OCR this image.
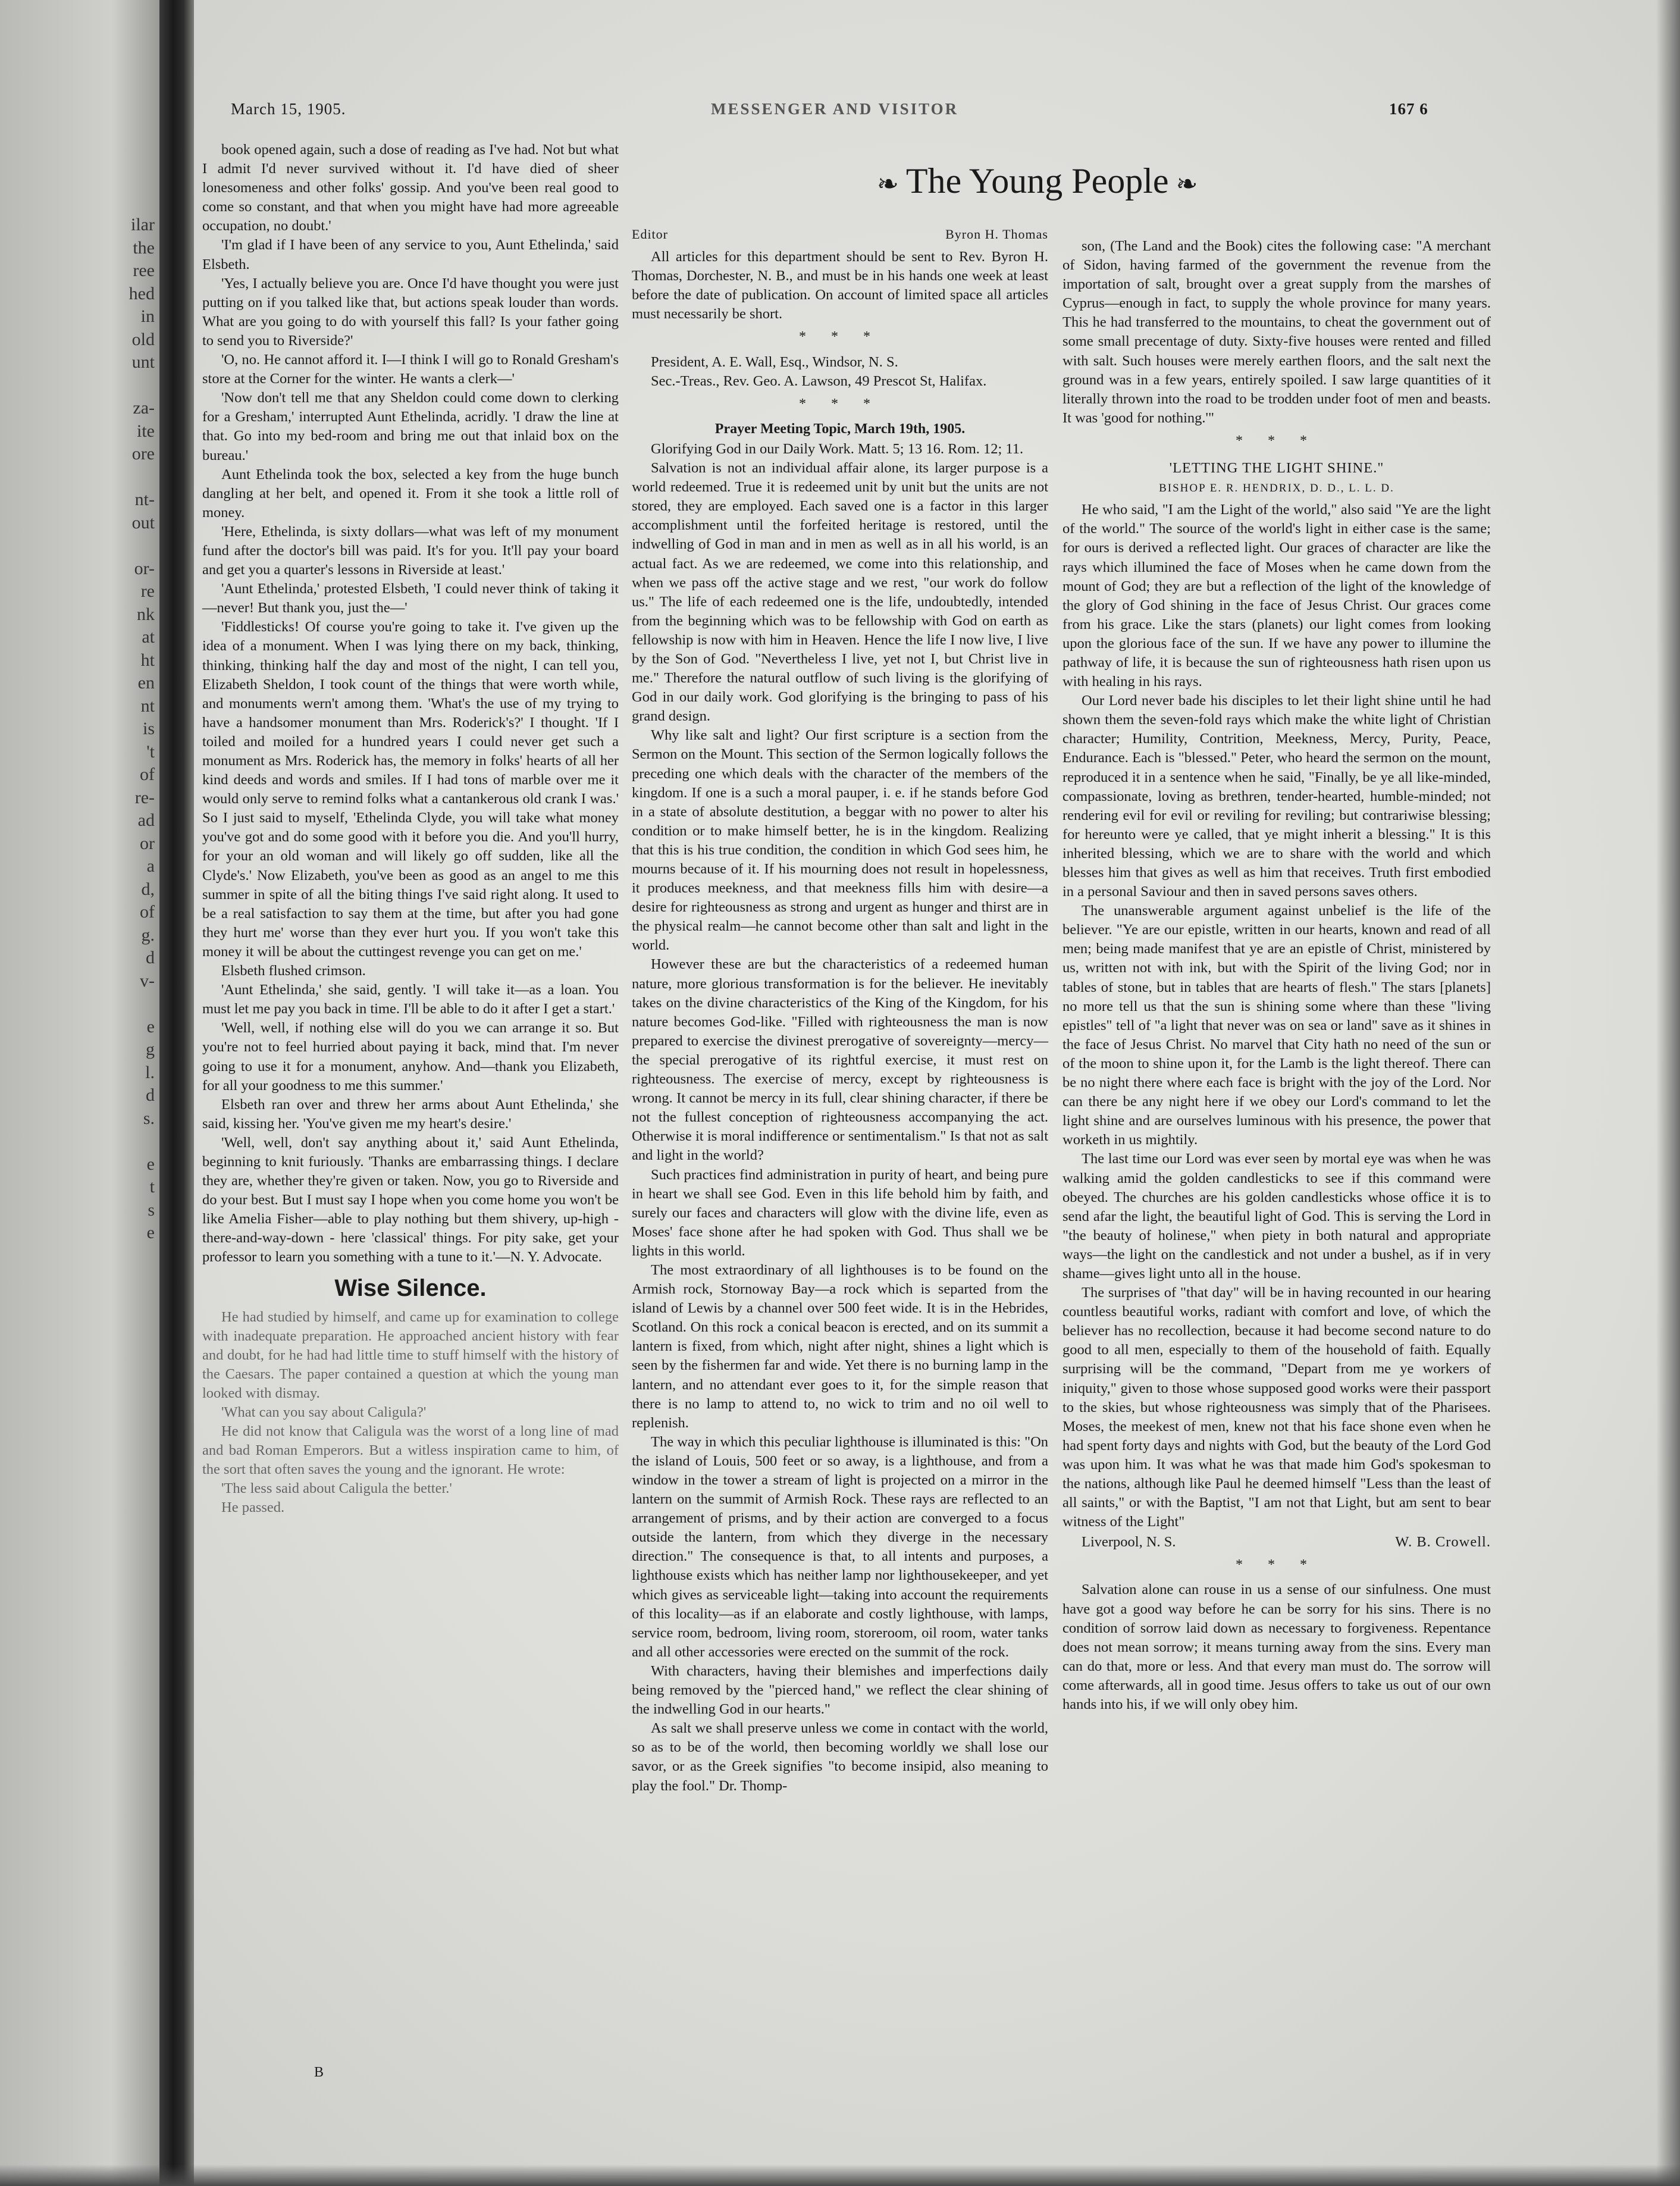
ilar
the
ree
hed
in
old
unt
za-
ite
ore
nt-
out
or-
re
nk
at
ht
en
nt
is
't
of
re-
ad
or
a
d,
of
g.
d
v-
e
g
l.
d
s.
e
t
s
e
March 15, 1905.	MESSENGER AND VISITOR	167 6
❧ The Young People ❧

book opened again, such a dose of reading as I've had. Not but what I admit I'd never survived without it. I'd have died of sheer lonesomeness and other folks' gossip. And you've been real good to come so constant, and that when you might have had more agreeable occupation, no doubt.'

'I'm glad if I have been of any service to you, Aunt Ethelinda,' said Elsbeth.

'Yes, I actually believe you are. Once I'd have thought you were just putting on if you talked like that, but actions speak louder than words. What are you going to do with yourself this fall? Is your father going to send you to Riverside?'

'O, no. He cannot afford it. I—I think I will go to Ronald Gresham's store at the Corner for the winter. He wants a clerk—'

'Now don't tell me that any Sheldon could come down to clerking for a Gresham,' interrupted Aunt Ethelinda, acridly. 'I draw the line at that. Go into my bed-room and bring me out that inlaid box on the bureau.'

Aunt Ethelinda took the box, selected a key from the huge bunch dangling at her belt, and opened it. From it she took a little roll of money.

'Here, Ethelinda, is sixty dollars—what was left of my monument fund after the doctor's bill was paid. It's for you. It'll pay your board and get you a quarter's lessons in Riverside at least.'

'Aunt Ethelinda,' protested Elsbeth, 'I could never think of taking it—never! But thank you, just the—'

'Fiddlesticks! Of course you're going to take it. I've given up the idea of a monument. When I was lying there on my back, thinking, thinking, thinking half the day and most of the night, I can tell you, Elizabeth Sheldon, I took count of the things that were worth while, and monuments wern't among them. 'What's the use of my trying to have a handsomer monument than Mrs. Roderick's?' I thought. 'If I toiled and moiled for a hundred years I could never get such a monument as Mrs. Roderick has, the memory in folks' hearts of all her kind deeds and words and smiles. If I had tons of marble over me it would only serve to remind folks what a cantankerous old crank I was.' So I just said to myself, 'Ethelinda Clyde, you will take what money you've got and do some good with it before you die. And you'll hurry, for your an old woman and will likely go off sudden, like all the Clyde's.' Now Elizabeth, you've been as good as an angel to me this summer in spite of all the biting things I've said right along. It used to be a real satisfaction to say them at the time, but after you had gone they hurt me' worse than they ever hurt you. If you won't take this money it will be about the cuttingest revenge you can get on me.'

Elsbeth flushed crimson.

'Aunt Ethelinda,' she said, gently. 'I will take it—as a loan. You must let me pay you back in time. I'll be able to do it after I get a start.'

'Well, well, if nothing else will do you we can arrange it so. But you're not to feel hurried about paying it back, mind that. I'm never going to use it for a monument, anyhow. And—thank you Elizabeth, for all your goodness to me this summer.'

Elsbeth ran over and threw her arms about Aunt Ethelinda,' she said, kissing her. 'You've given me my heart's desire.'

'Well, well, don't say anything about it,' said Aunt Ethelinda, beginning to knit furiously. 'Thanks are embarrassing things. I declare they are, whether they're given or taken. Now, you go to Riverside and do your best. But I must say I hope when you come home you won't be like Amelia Fisher—able to play nothing but them shivery, up-high - there-and-way-down - here 'classical' things. For pity sake, get your professor to learn you something with a tune to it.'—N. Y. Advocate.

Wise Silence.

He had studied by himself, and came up for examination to college with inadequate preparation. He approached ancient history with fear and doubt, for he had had little time to stuff himself with the history of the Caesars. The paper contained a question at which the young man looked with dismay.

'What can you say about Caligula?'

He did not know that Caligula was the worst of a long line of mad and bad Roman Emperors. But a witless inspiration came to him, of the sort that often saves the young and the ignorant. He wrote:

'The less said about Caligula the better.'

He passed.

Editor	Byron H. Thomas

All articles for this department should be sent to Rev. Byron H. Thomas, Dorchester, N. B., and must be in his hands one week at least before the date of publication. On account of limited space all articles must necessarily be short.

* * *

President, A. E. Wall, Esq., Windsor, N. S.

Sec.-Treas., Rev. Geo. A. Lawson, 49 Prescot St, Halifax.

* * *
Prayer Meeting Topic, March 19th, 1905.

Glorifying God in our Daily Work. Matt. 5; 13 16. Rom. 12; 11.

Salvation is not an individual affair alone, its larger purpose is a world redeemed. True it is redeemed unit by unit but the units are not stored, they are employed. Each saved one is a factor in this larger accomplishment until the forfeited heritage is restored, until the indwelling of God in man and in men as well as in all his world, is an actual fact. As we are redeemed, we come into this relationship, and when we pass off the active stage and we rest, "our work do follow us." The life of each redeemed one is the life, undoubtedly, intended from the beginning which was to be fellowship with God on earth as fellowship is now with him in Heaven. Hence the life I now live, I live by the Son of God. "Nevertheless I live, yet not I, but Christ live in me." Therefore the natural outflow of such living is the glorifying of God in our daily work. God glorifying is the bringing to pass of his grand design.

Why like salt and light? Our first scripture is a section from the Sermon on the Mount. This section of the Sermon logically follows the preceding one which deals with the character of the members of the kingdom. If one is a such a moral pauper, i. e. if he stands before God in a state of absolute destitution, a beggar with no power to alter his condition or to make himself better, he is in the kingdom. Realizing that this is his true condition, the condition in which God sees him, he mourns because of it. If his mourning does not result in hopelessness, it produces meekness, and that meekness fills him with desire—a desire for righteousness as strong and urgent as hunger and thirst are in the physical realm—he cannot become other than salt and light in the world.

However these are but the characteristics of a redeemed human nature, more glorious transformation is for the believer. He inevitably takes on the divine characteristics of the King of the Kingdom, for his nature becomes God-like. "Filled with righteousness the man is now prepared to exercise the divinest prerogative of sovereignty—mercy—the special prerogative of its rightful exercise, it must rest on righteousness. The exercise of mercy, except by righteousness is wrong. It cannot be mercy in its full, clear shining character, if there be not the fullest conception of righteousness accompanying the act. Otherwise it is moral indifference or sentimentalism." Is that not as salt and light in the world?

Such practices find administration in purity of heart, and being pure in heart we shall see God. Even in this life behold him by faith, and surely our faces and characters will glow with the divine life, even as Moses' face shone after he had spoken with God. Thus shall we be lights in this world.

The most extraordinary of all lighthouses is to be found on the Armish rock, Stornoway Bay—a rock which is separted from the island of Lewis by a channel over 500 feet wide. It is in the Hebrides, Scotland. On this rock a conical beacon is erected, and on its summit a lantern is fixed, from which, night after night, shines a light which is seen by the fishermen far and wide. Yet there is no burning lamp in the lantern, and no attendant ever goes to it, for the simple reason that there is no lamp to attend to, no wick to trim and no oil well to replenish.

The way in which this peculiar lighthouse is illuminated is this: "On the island of Louis, 500 feet or so away, is a lighthouse, and from a window in the tower a stream of light is projected on a mirror in the lantern on the summit of Armish Rock. These rays are reflected to an arrangement of prisms, and by their action are converged to a focus outside the lantern, from which they diverge in the necessary direction." The consequence is that, to all intents and purposes, a lighthouse exists which has neither lamp nor lighthousekeeper, and yet which gives as serviceable light—taking into account the requirements of this locality—as if an elaborate and costly lighthouse, with lamps, service room, bedroom, living room, storeroom, oil room, water tanks and all other accessories were erected on the summit of the rock.

With characters, having their blemishes and imperfections daily being removed by the "pierced hand," we reflect the clear shining of the indwelling God in our hearts."

As salt we shall preserve unless we come in contact with the world, so as to be of the world, then becoming worldly we shall lose our savor, or as the Greek signifies "to become insipid, also meaning to play the fool." Dr. Thomp-

son, (The Land and the Book) cites the following case: "A merchant of Sidon, having farmed of the government the revenue from the importation of salt, brought over a great supply from the marshes of Cyprus—enough in fact, to supply the whole province for many years. This he had transferred to the mountains, to cheat the government out of some small precentage of duty. Sixty-five houses were rented and filled with salt. Such houses were merely earthen floors, and the salt next the ground was in a few years, entirely spoiled. I saw large quantities of it literally thrown into the road to be trodden under foot of men and beasts. It was 'good for nothing.'"

* * *
'LETTING THE LIGHT SHINE."
BISHOP E. R. HENDRIX, D. D., L. L. D.

He who said, "I am the Light of the world," also said "Ye are the light of the world." The source of the world's light in either case is the same; for ours is derived a reflected light. Our graces of character are like the rays which illumined the face of Moses when he came down from the mount of God; they are but a reflection of the light of the knowledge of the glory of God shining in the face of Jesus Christ. Our graces come from his grace. Like the stars (planets) our light comes from looking upon the glorious face of the sun. If we have any power to illumine the pathway of life, it is because the sun of righteousness hath risen upon us with healing in his rays.

Our Lord never bade his disciples to let their light shine until he had shown them the seven-fold rays which make the white light of Christian character; Humility, Contrition, Meekness, Mercy, Purity, Peace, Endurance. Each is "blessed." Peter, who heard the sermon on the mount, reproduced it in a sentence when he said, "Finally, be ye all like-minded, compassionate, loving as brethren, tender-hearted, humble-minded; not rendering evil for evil or reviling for reviling; but contrariwise blessing; for hereunto were ye called, that ye might inherit a blessing." It is this inherited blessing, which we are to share with the world and which blesses him that gives as well as him that receives. Truth first embodied in a personal Saviour and then in saved persons saves others.

The unanswerable argument against unbelief is the life of the believer. "Ye are our epistle, written in our hearts, known and read of all men; being made manifest that ye are an epistle of Christ, ministered by us, written not with ink, but with the Spirit of the living God; nor in tables of stone, but in tables that are hearts of flesh." The stars [planets] no more tell us that the sun is shining some where than these "living epistles" tell of "a light that never was on sea or land" save as it shines in the face of Jesus Christ. No marvel that City hath no need of the sun or of the moon to shine upon it, for the Lamb is the light thereof. There can be no night there where each face is bright with the joy of the Lord. Nor can there be any night here if we obey our Lord's command to let the light shine and are ourselves luminous with his presence, the power that worketh in us mightily.

The last time our Lord was ever seen by mortal eye was when he was walking amid the golden candlesticks to see if this command were obeyed. The churches are his golden candlesticks whose office it is to send afar the light, the beautiful light of God. This is serving the Lord in "the beauty of holinese," when piety in both natural and appropriate ways—the light on the candlestick and not under a bushel, as if in very shame—gives light unto all in the house.

The surprises of "that day" will be in having recounted in our hearing countless beautiful works, radiant with comfort and love, of which the believer has no recollection, because it had become second nature to do good to all men, especially to them of the household of faith. Equally surprising will be the command, "Depart from me ye workers of iniquity," given to those whose supposed good works were their passport to the skies, but whose righteousness was simply that of the Pharisees. Moses, the meekest of men, knew not that his face shone even when he had spent forty days and nights with God, but the beauty of the Lord God was upon him. It was what he was that made him God's spokesman to the nations, although like Paul he deemed himself "Less than the least of all saints," or with the Baptist, "I am not that Light, but am sent to bear witness of the Light"

Liverpool, N. S.	W. B. Crowell.
* * *

Salvation alone can rouse in us a sense of our sinfulness. One must have got a good way before he can be sorry for his sins. There is no condition of sorrow laid down as necessary to forgiveness. Repentance does not mean sorrow; it means turning away from the sins. Every man can do that, more or less. And that every man must do. The sorrow will come afterwards, all in good time. Jesus offers to take us out of our own hands into his, if we will only obey him.

B
